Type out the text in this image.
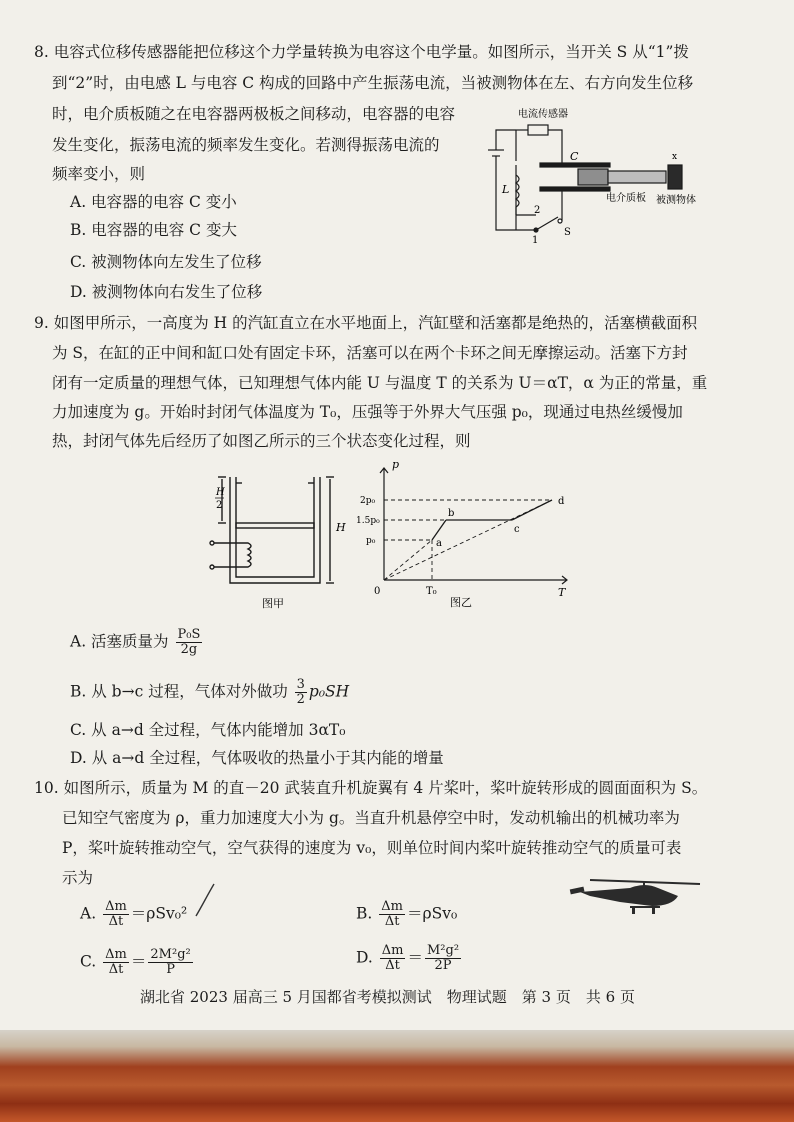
8. 电容式位移传感器能把位移这个力学量转换为电容这个电学量。如图所示，当开关 S 从“1”拨
到“2”时，由电感 L 与电容 C 构成的回路中产生振荡电流，当被测物体在左、右方向发生位移
时，电介质板随之在电容器两极板之间移动，电容器的电容
发生变化，振荡电流的频率发生变化。若测得振荡电流的
频率变小，则
A. 电容器的电容 C 变小
B. 电容器的电容 C 变大
C. 被测物体向左发生了位移
D. 被测物体向右发生了位移
电流传感器
C
L
2
1
S
电介质板 被测物体
x
9. 如图甲所示，一高度为 H 的汽缸直立在水平地面上，汽缸壁和活塞都是绝热的，活塞横截面积
为 S，在缸的正中间和缸口处有固定卡环，活塞可以在两个卡环之间无摩擦运动。活塞下方封
闭有一定质量的理想气体，已知理想气体内能 U 与温度 T 的关系为 U＝αT，α 为正的常量，重
力加速度为 g。开始时封闭气体温度为 T₀，压强等于外界大气压强 p₀，现通过电热丝缓慢加
热，封闭气体先后经历了如图乙所示的三个状态变化过程，则
H
2
H
图甲
p
T
0	T₀
2p₀
1.5p₀
p₀	a
b
c
d
图乙
A. 活塞质量为 $\frac{\text{P₀S}}{2g}$
B. 从 b→c 过程，气体对外做功 $\frac{3}{2} p_0SH$
C. 从 a→d 全过程，气体内能增加 3αT₀
D. 从 a→d 全过程，气体吸收的热量小于其内能的增量
10. 如图所示，质量为 M 的直－20 武装直升机旋翼有 4 片桨叶，桨叶旋转形成的圆面面积为 S。
已知空气密度为 ρ，重力加速度大小为 g。当直升机悬停空中时，发动机输出的机械功率为
P，桨叶旋转推动空气，空气获得的速度为 v₀，则单位时间内桨叶旋转推动空气的质量可表
示为
A. $\frac{\Delta m}{\Delta t} =\rho Sv_0^2$	B. $\frac{\Delta m}{\Delta t} =\rho Sv_0$
C. $\frac{\Delta m}{\Delta t} = \frac{\text{2M²g²}}{P}$	D. $\frac{\Delta m}{\Delta t} = \frac{\text{M²g²}}{2P}$
湖北省 2023 届高三 5 月国都省考模拟测试　物理试题　第 3 页　共 6 页
